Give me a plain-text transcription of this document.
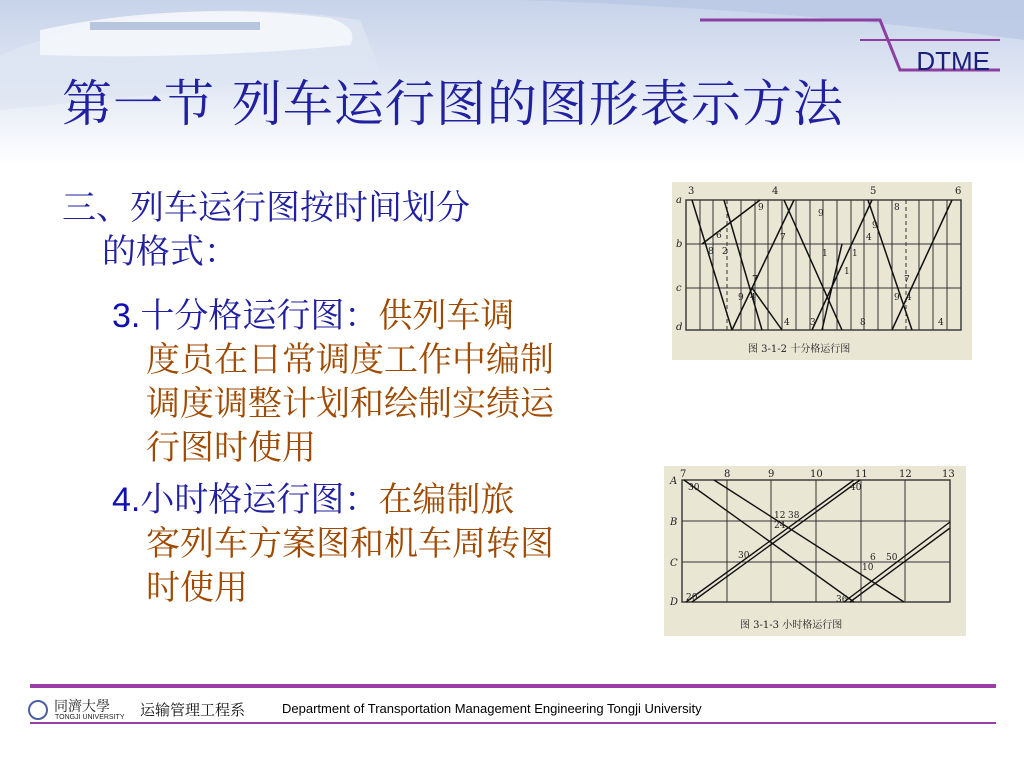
DTME
第一节 列车运行图的图形表示方法
三、列车运行图按时间划分
的格式：
3.十分格运行图：供列车调
度员在日常调度工作中编制
调度调整计划和绘制实绩运
行图时使用
4.小时格运行图：在编制旅
客列车方案图和机车周转图
时使用
3	4	5	6
a
b
c
d
9
9
8
9
6	7	4
8 2
1
7	7
9 4	9 4
4 3	8	4
1	1
图 3-1-2 十分格运行图
7	8	9	10	11	12	13
A
B
C
D
30	40
12 38
24
30	6 50
10
20	36
图 3-1-3 小时格运行图
同濟大學
TONGJI UNIVERSITY 运输管理工程系	Department of Transportation Management Engineering Tongji University
